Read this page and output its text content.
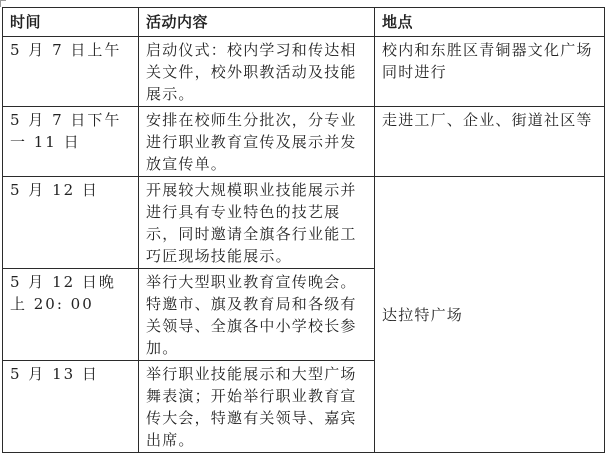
时间	活动内容	地点
5 月 7 日上午	启动仪式：校内学习和传达相关文件，校外职教活动及技能展示。	校内和东胜区青铜器文化广场同时进行
5 月 7 日下午一 11 日	安排在校师生分批次，分专业进行职业教育宣传及展示并发放宣传单。	走进工厂、企业、街道社区等
5 月 12 日	开展较大规模职业技能展示并进行具有专业特色的技艺展示，同时邀请全旗各行业能工巧匠现场技能展示。	达拉特广场
5 月 12 日晚上 20: 00	举行大型职业教育宣传晚会。特邀市、旗及教育局和各级有关领导、全旗各中小学校长参加。	
5 月 13 日	举行职业技能展示和大型广场舞表演；开始举行职业教育宣传大会，特邀有关领导、嘉宾出席。	
